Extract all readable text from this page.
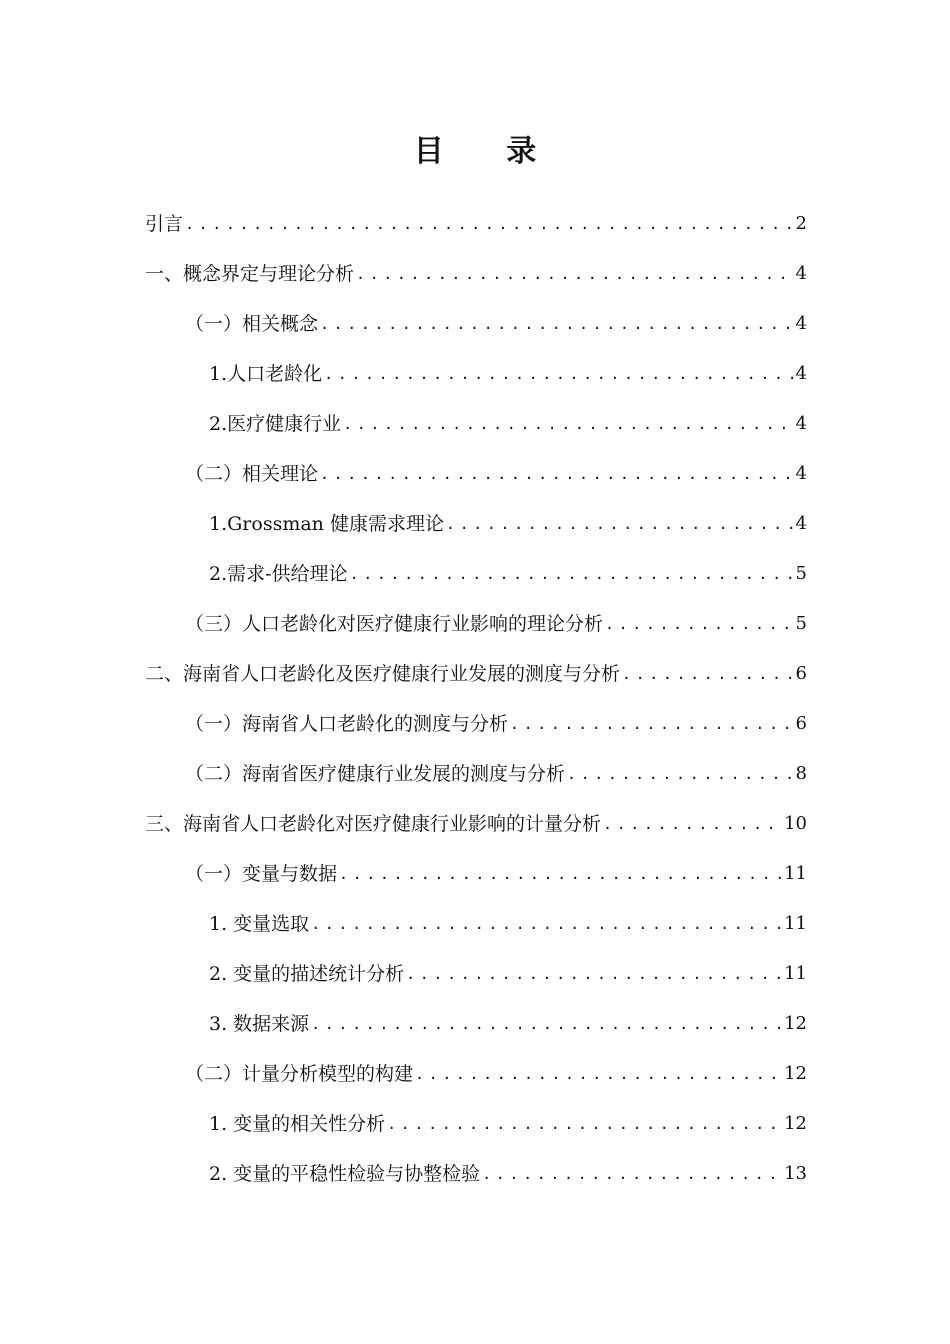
目 录
引言 .....	2
一、概念界定与理论分析 .....	4
（一）相关概念 .....	4
1.人口老龄化 .....	4
2.医疗健康行业 .....	4
（二）相关理论 .....	4
1.Grossman 健康需求理论 .....	4
2.需求-供给理论 .....	5
（三）人口老龄化对医疗健康行业影响的理论分析 .....	5
二、海南省人口老龄化及医疗健康行业发展的测度与分析 .....	6
（一）海南省人口老龄化的测度与分析 .....	6
（二）海南省医疗健康行业发展的测度与分析 .....	8
三、海南省人口老龄化对医疗健康行业影响的计量分析 .....	10
（一）变量与数据 .....	11
1. 变量选取 .....	11
2. 变量的描述统计分析 .....	11
3. 数据来源 .....	12
（二）计量分析模型的构建 .....	12
1. 变量的相关性分析 .....	12
2. 变量的平稳性检验与协整检验 .....	13
